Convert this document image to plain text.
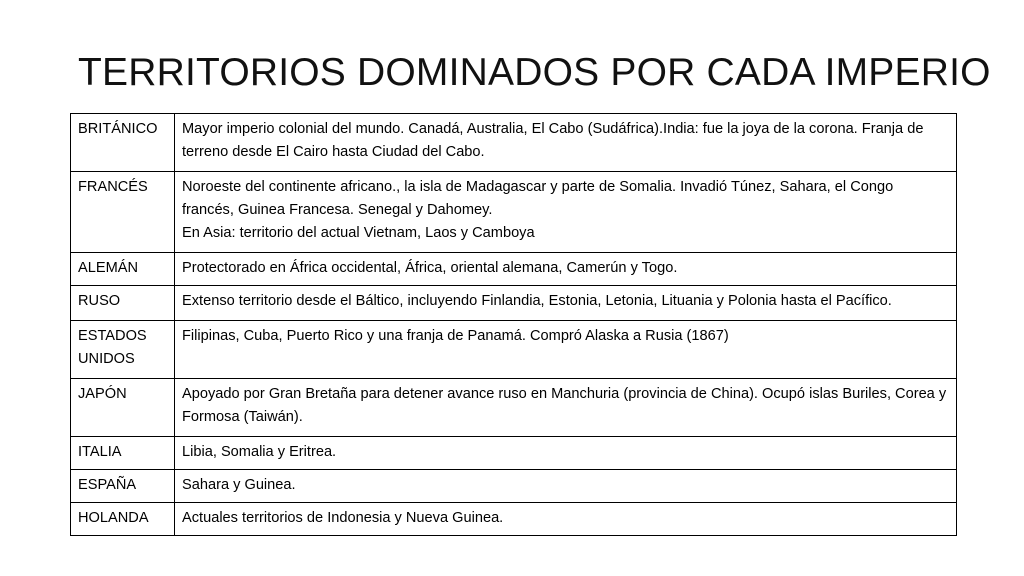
TERRITORIOS DOMINADOS POR CADA IMPERIO
BRITÁNICO	Mayor imperio colonial del mundo. Canadá, Australia, El Cabo (Sudáfrica).India: fue la joya de la corona. Franja de terreno desde El Cairo hasta Ciudad del Cabo.
FRANCÉS	Noroeste del continente africano., la isla de Madagascar y parte de Somalia. Invadió Túnez, Sahara, el Congo francés, Guinea Francesa. Senegal y Dahomey.
En Asia: territorio del actual Vietnam, Laos y Camboya

ALEMÁN	Protectorado en África occidental, África, oriental alemana, Camerún y Togo.
RUSO	Extenso territorio desde el Báltico, incluyendo Finlandia, Estonia, Letonia, Lituania y Polonia hasta el Pacífico.
ESTADOS UNIDOS	Filipinas, Cuba, Puerto Rico y una franja de Panamá. Compró Alaska a Rusia (1867)
JAPÓN	Apoyado por Gran Bretaña para detener avance ruso en Manchuria (provincia de China). Ocupó islas Buriles, Corea y Formosa (Taiwán).
ITALIA	Libia, Somalia y Eritrea.
ESPAÑA	Sahara y Guinea.
HOLANDA	Actuales territorios de Indonesia y Nueva Guinea.
